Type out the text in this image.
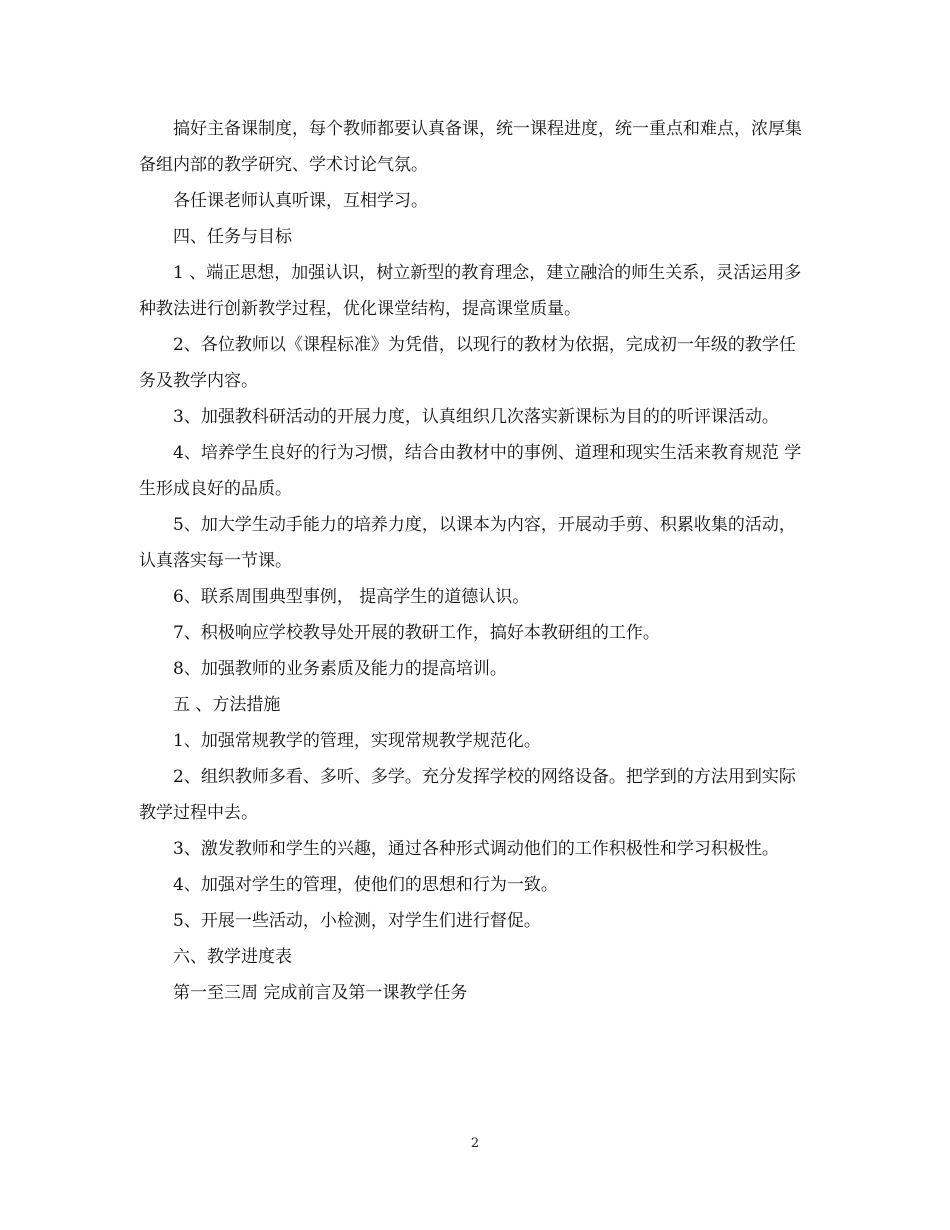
搞好主备课制度，每个教师都要认真备课，统一课程进度，统一重点和难点，浓厚集备组内部的教学研究、学术讨论气氛。

各任课老师认真听课，互相学习。

四、任务与目标

1 、端正思想，加强认识，树立新型的教育理念，建立融洽的师生关系，灵活运用多种教法进行创新教学过程，优化课堂结构，提高课堂质量。

2、各位教师以《课程标准》为凭借，以现行的教材为依据，完成初一年级的教学任务及教学内容。

3、加强教科研活动的开展力度，认真组织几次落实新课标为目的的听评课活动。

4、培养学生良好的行为习惯，结合由教材中的事例、道理和现实生活来教育规范 学生形成良好的品质。

5、加大学生动手能力的培养力度，以课本为内容，开展动手剪、积累收集的活动，认真落实每一节课。

6、联系周围典型事例， 提高学生的道德认识。

7、积极响应学校教导处开展的教研工作，搞好本教研组的工作。

8、加强教师的业务素质及能力的提高培训。

五 、方法措施

1、加强常规教学的管理，实现常规教学规范化。

2、组织教师多看、多听、多学。充分发挥学校的网络设备。把学到的方法用到实际教学过程中去。

3、激发教师和学生的兴趣，通过各种形式调动他们的工作积极性和学习积极性。

4、加强对学生的管理，使他们的思想和行为一致。

5、开展一些活动，小检测，对学生们进行督促。

六、教学进度表

第一至三周 完成前言及第一课教学任务

2
